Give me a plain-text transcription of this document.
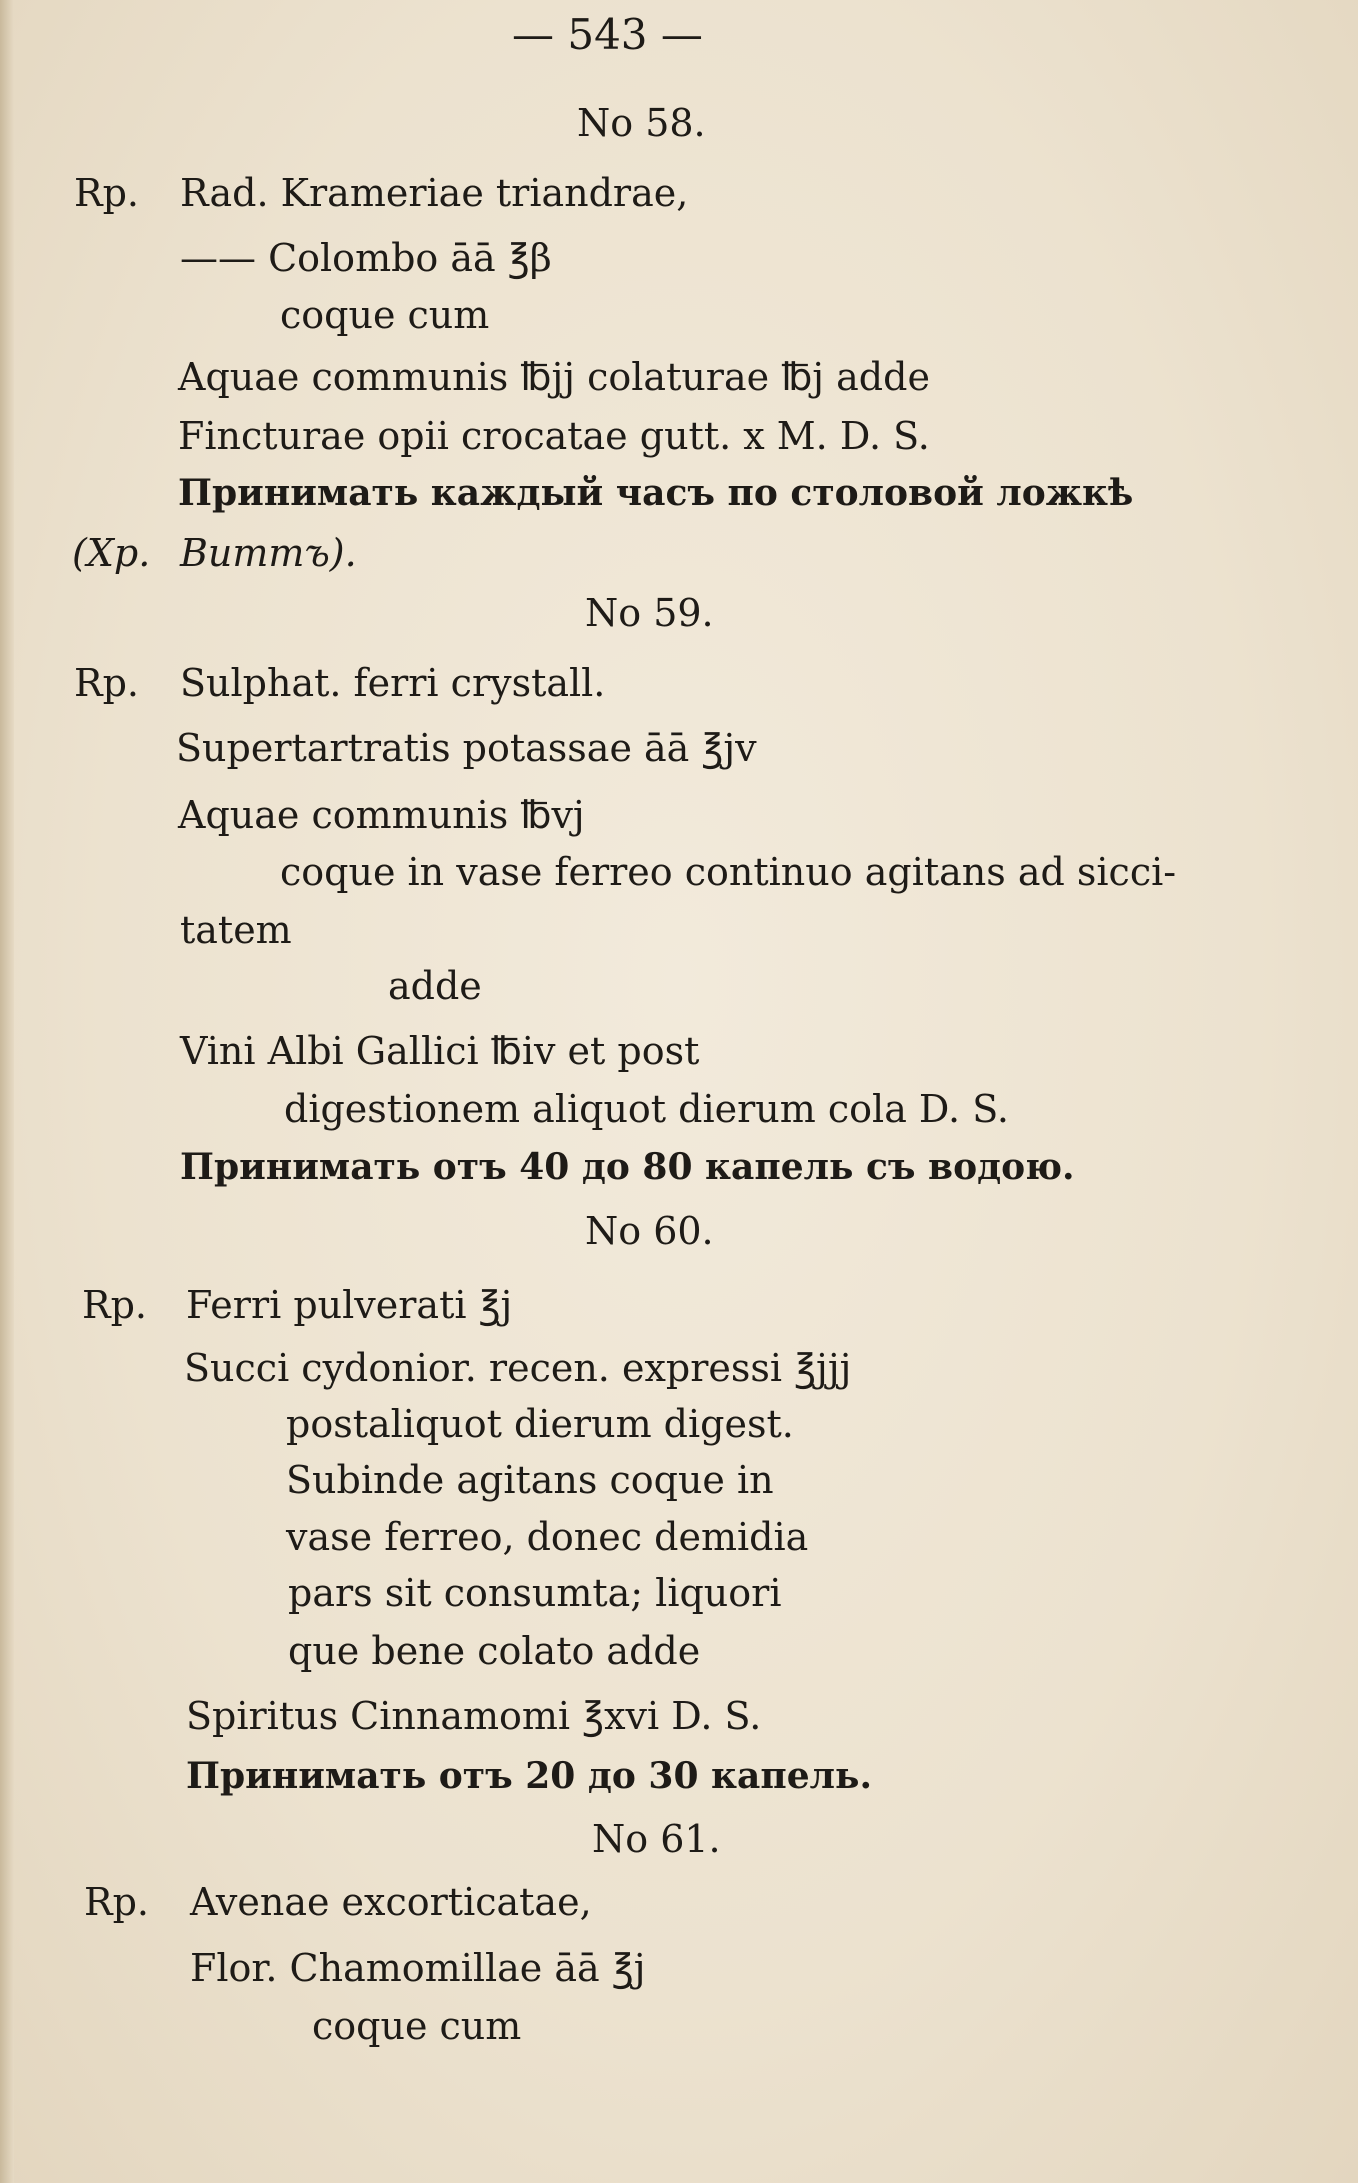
— 543 —
No 58.
Rp. Rad. Krameriae triandrae,
—— Colombo āā ℥β
coque cum
Aquae communis ℔jj colaturae ℔j adde
Fincturae opii crocatae gutt. x M. D. S.
Принимать каждый часъ по столовой ложкѣ
(Хр. Виттъ).
No 59.
Rp. Sulphat. ferri crystall.
Supertartratis potassae āā ℥jv
Aquae communis ℔vj
coque in vase ferreo continuo agitans ad sicci-
tatem
adde
Vini Albi Gallici ℔iv et post
digestionem aliquot dierum cola D. S.
Принимать отъ 40 до 80 капель съ водою.
No 60.
Rp. Ferri pulverati ℥j
Succi cydonior. recen. expressi ℥jjj
postaliquot dierum digest.
Subinde agitans coque in
vase ferreo, donec demidia
pars sit consumta; liquori
que bene colato adde
Spiritus Cinnamomi ℥xvi D. S.
Принимать отъ 20 до 30 капель.
No 61.
Rp. Avenae excorticatae,
Flor. Chamomillae āā ℥j
coque cum
